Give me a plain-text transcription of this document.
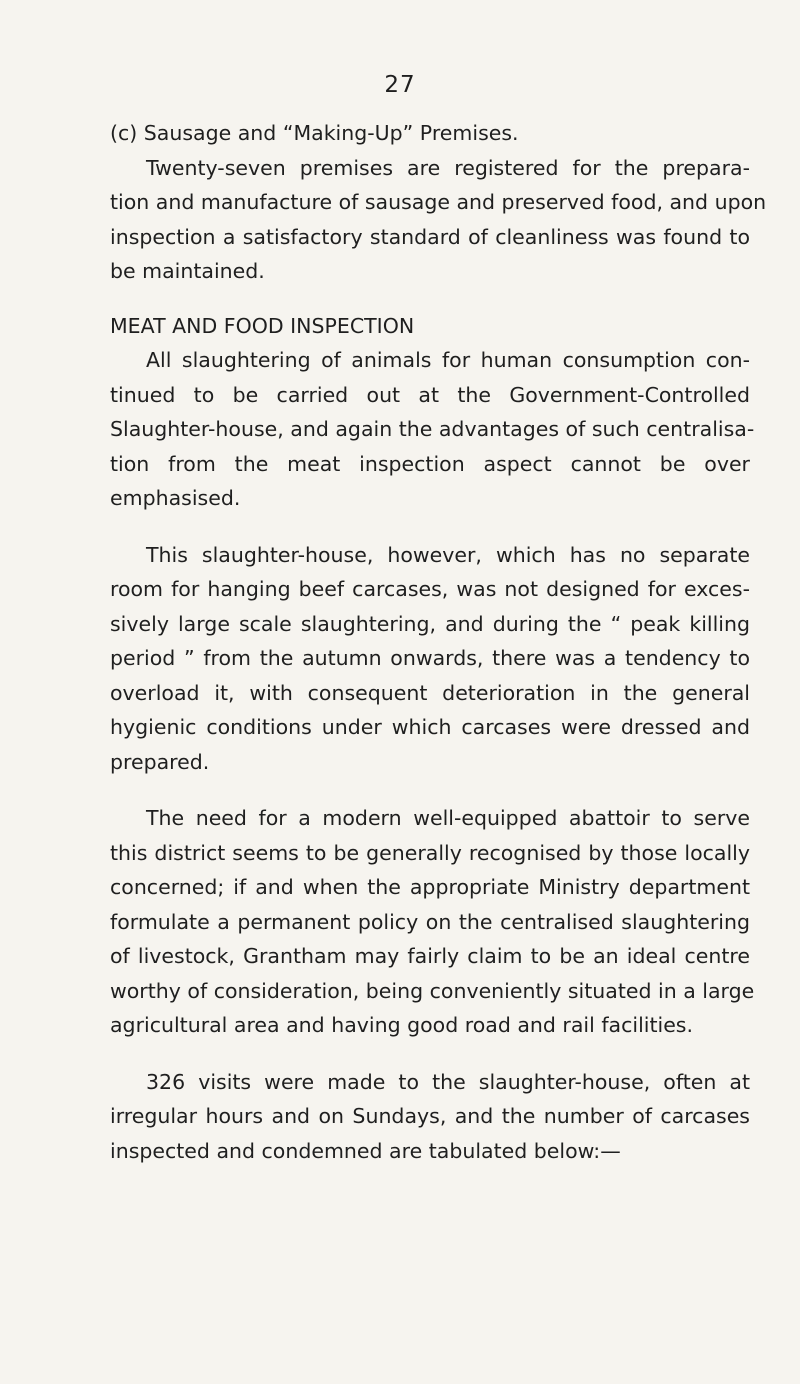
27
(c) Sausage and “Making-Up” Premises.
Twenty-seven premises are registered for the prepara-
tion and manufacture of sausage and preserved food, and upon
inspection a satisfactory standard of cleanliness was found to
be maintained.
MEAT AND FOOD INSPECTION
All slaughtering of animals for human consumption con-
tinued to be carried out at the Government-Controlled
Slaughter-house, and again the advantages of such centralisa-
tion from the meat inspection aspect cannot be over
emphasised.
This slaughter-house, however, which has no separate
room for hanging beef carcases, was not designed for exces-
sively large scale slaughtering, and during the “ peak killing
period ” from the autumn onwards, there was a tendency to
overload it, with consequent deterioration in the general
hygienic conditions under which carcases were dressed and
prepared.
The need for a modern well-equipped abattoir to serve
this district seems to be generally recognised by those locally
concerned; if and when the appropriate Ministry department
formulate a permanent policy on the centralised slaughtering
of livestock, Grantham may fairly claim to be an ideal centre
worthy of consideration, being conveniently situated in a large
agricultural area and having good road and rail facilities.
326 visits were made to the slaughter-house, often at
irregular hours and on Sundays, and the number of carcases
inspected and condemned are tabulated below:—
